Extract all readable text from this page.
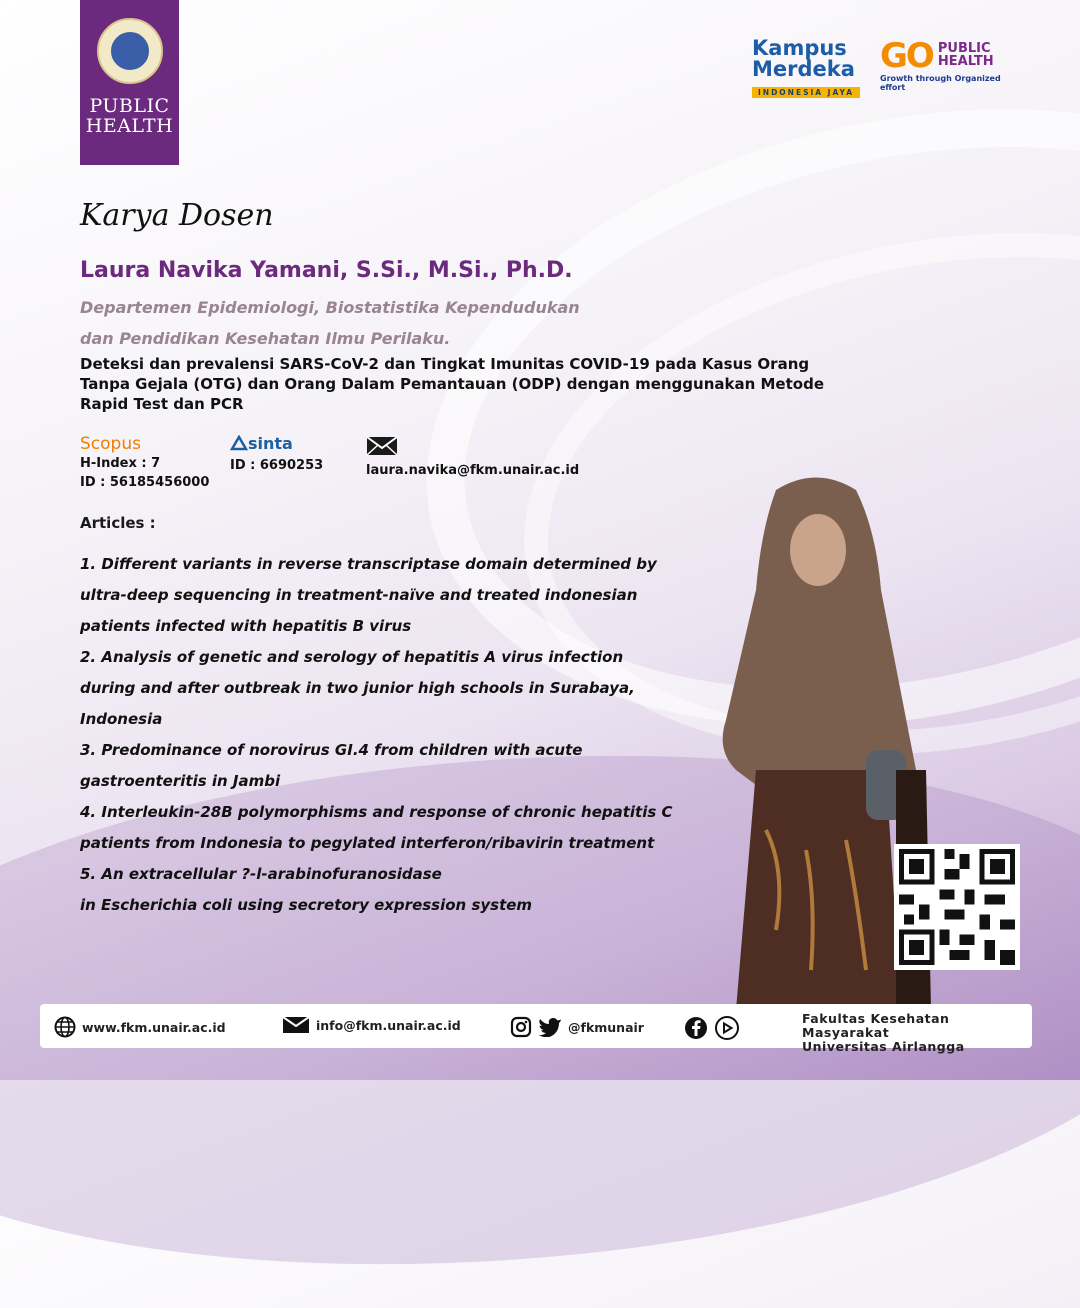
PUBLIC
HEALTH
Kampus
Merdeka
INDONESIA JAYA
GO PUBLIC
HEALTH
Growth through Organized effort
Karya Dosen
Laura Navika Yamani, S.Si., M.Si., Ph.D.
Departemen Epidemiologi, Biostatistika Kependudukan
dan Pendidikan Kesehatan Ilmu Perilaku.
Deteksi dan prevalensi SARS-CoV-2 dan Tingkat Imunitas COVID-19 pada Kasus Orang
Tanpa Gejala (OTG) dan Orang Dalam Pemantauan (ODP) dengan menggunakan Metode
Rapid Test dan PCR
Scopus
H-Index : 7
ID : 56185456000
sinta
ID : 6690253	laura.navika@fkm.unair.ac.id
Articles :
1. Different variants in reverse transcriptase domain determined by
ultra-deep sequencing in treatment-naïve and treated indonesian
patients infected with hepatitis B virus
2. Analysis of genetic and serology of hepatitis A virus infection
during and after outbreak in two junior high schools in Surabaya,
Indonesia
3. Predominance of norovirus GI.4 from children with acute
gastroenteritis in Jambi
4. Interleukin-28B polymorphisms and response of chronic hepatitis C
patients from Indonesia to pegylated interferon/ribavirin treatment
5. An extracellular ?-l-arabinofuranosidase
in Escherichia coli using secretory expression system
www.fkm.unair.ac.id	info@fkm.unair.ac.id	@fkmunair
Fakultas Kesehatan Masyarakat
Universitas Airlangga
